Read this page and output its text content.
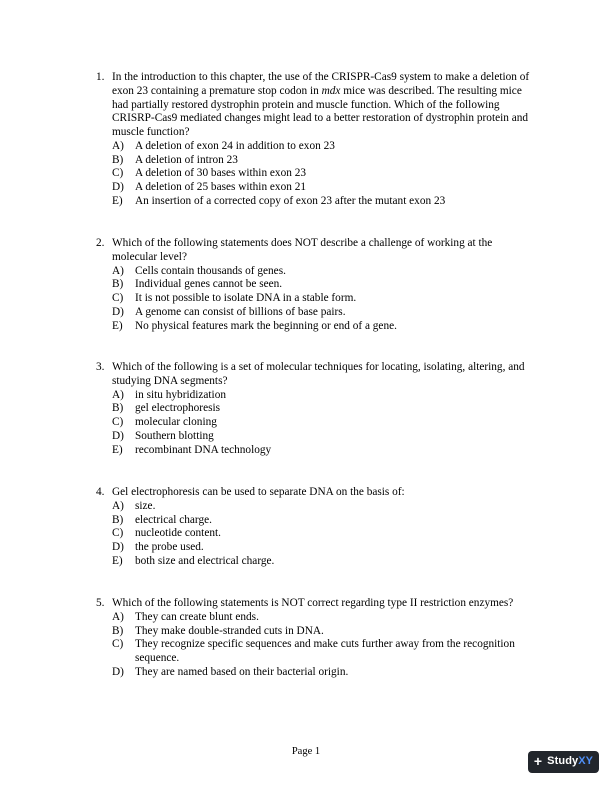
1. In the introduction to this chapter, the use of the CRISPR-Cas9 system to make a deletion of exon 23 containing a premature stop codon in mdx mice was described. The resulting mice had partially restored dystrophin protein and muscle function. Which of the following CRISRP-Cas9 mediated changes might lead to a better restoration of dystrophin protein and muscle function?
A) A deletion of exon 24 in addition to exon 23
B)	A deletion of intron 23
C)	A deletion of 30 bases within exon 23
D) A deletion of 25 bases within exon 21
E)	An insertion of a corrected copy of exon 23 after the mutant exon 23
2. Which of the following statements does NOT describe a challenge of working at the molecular level?
A) Cells contain thousands of genes.
B)	Individual genes cannot be seen.
C)	It is not possible to isolate DNA in a stable form.
D) A genome can consist of billions of base pairs.
E)	No physical features mark the beginning or end of a gene.
3. Which of the following is a set of molecular techniques for locating, isolating, altering, and studying DNA segments?
A) in situ hybridization
B)	gel electrophoresis
C)	molecular cloning
D) Southern blotting
E)	recombinant DNA technology
4. Gel electrophoresis can be used to separate DNA on the basis of:
A) size.
B)	electrical charge.
C)	nucleotide content.
D) the probe used.
E)	both size and electrical charge.
5. Which of the following statements is NOT correct regarding type II restriction enzymes?
A) They can create blunt ends.
B)	They make double-stranded cuts in DNA.
C)	They recognize specific sequences and make cuts further away from the recognition sequence.
D) They are named based on their bacterial origin.
Page 1
+ Study XY
